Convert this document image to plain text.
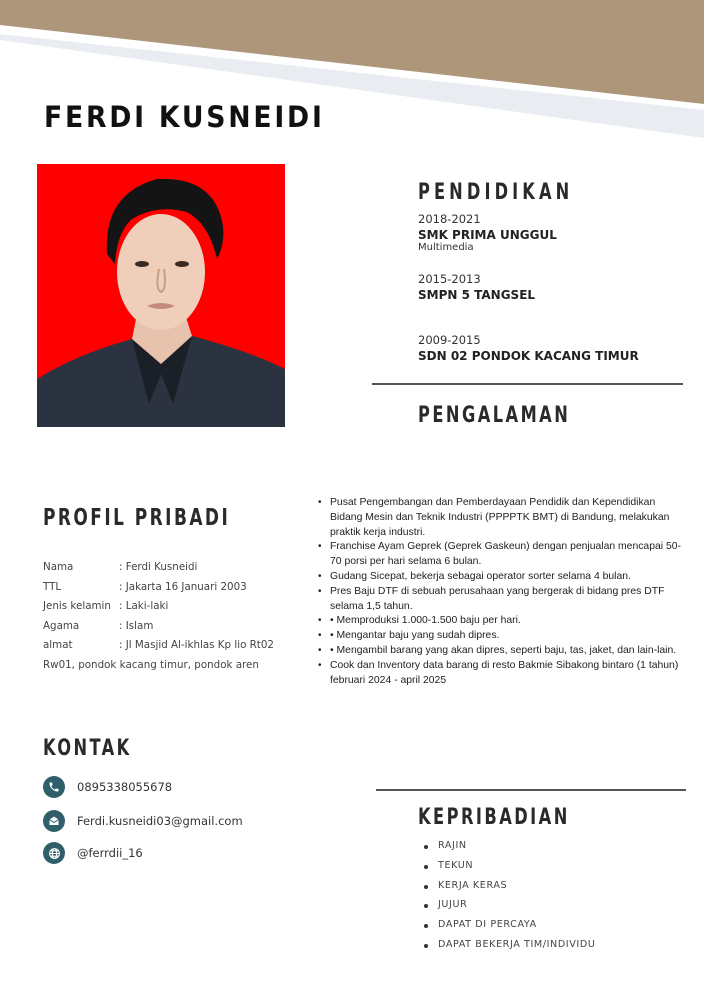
FERDI KUSNEIDI
PENDIDIKAN
2018-2021
SMK PRIMA UNGGUL
Multimedia
2015-2013
SMPN 5 TANGSEL
2009-2015
SDN 02 PONDOK KACANG TIMUR
PENGALAMAN
• Pusat Pengembangan dan Pemberdayaan Pendidik dan Kependidikan Bidang Mesin dan Teknik Industri (PPPPTK BMT) di Bandung, melakukan praktik kerja industri.
• Franchise Ayam Geprek (Geprek Gaskeun) dengan penjualan mencapai 50-70 porsi per hari selama 6 bulan.
• Gudang Sicepat, bekerja sebagai operator sorter selama 4 bulan.
• Pres Baju DTF di sebuah perusahaan yang bergerak di bidang pres DTF selama 1,5 tahun.
• • Memproduksi 1.000-1.500 baju per hari.
• • Mengantar baju yang sudah dipres.
• • Mengambil barang yang akan dipres, seperti baju, tas, jaket, dan lain-lain.
• Cook dan Inventory data barang di resto Bakmie Sibakong bintaro (1 tahun) februari 2024 - april 2025
PROFIL PRIBADI
Nama	: Ferdi Kusneidi
TTL	: Jakarta 16 Januari 2003
Jenis kelamin : Laki-laki
Agama	: Islam
almat	: Jl Masjid Al-ikhlas Kp lio Rt02
Rw01, pondok kacang timur, pondok aren
KONTAK
0895338055678
Ferdi.kusneidi03@gmail.com
@ferrdii_16
KEPRIBADIAN
RAJIN
TEKUN
KERJA KERAS
JUJUR
DAPAT DI PERCAYA
DAPAT BEKERJA TIM/INDIVIDU
